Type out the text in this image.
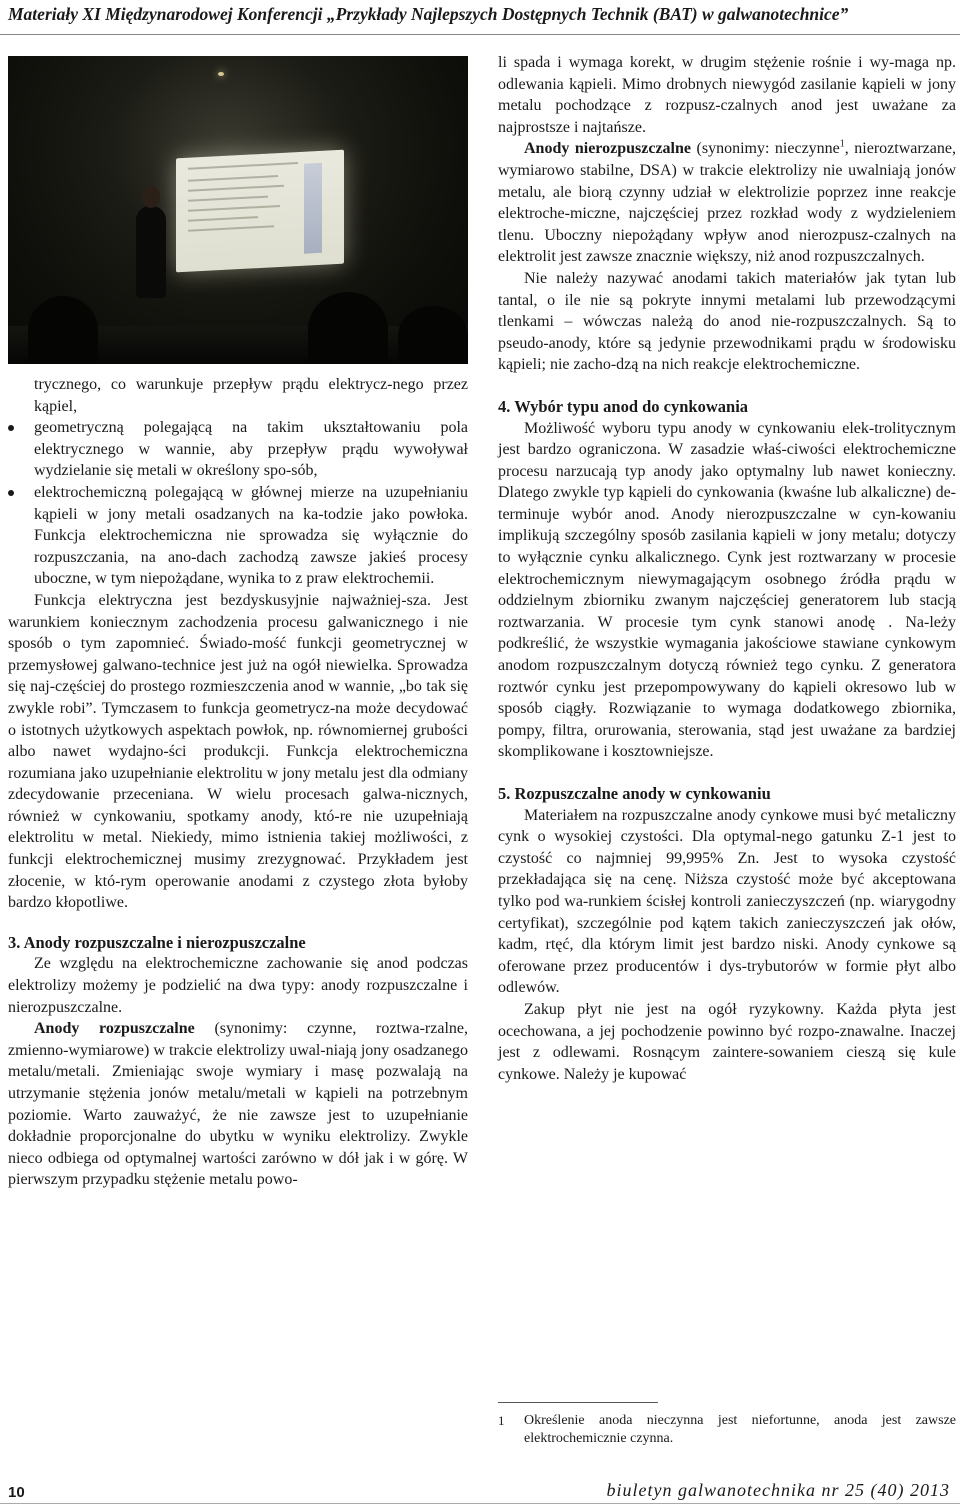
Materiały XI Międzynarodowej Konferencji „Przykłady Najlepszych Dostępnych Technik (BAT) w galwanotechnice”

trycznego, co warunkuje przepływ prądu elektrycz-nego przez kąpiel,

geometryczną polegającą na takim ukształtowaniu pola elektrycznego w wannie, aby przepływ prądu wywoływał wydzielanie się metali w określony spo-sób,
elektrochemiczną polegającą w głównej mierze na uzupełnianiu kąpieli w jony metali osadzanych na ka-todzie jako powłoka. Funkcja elektrochemiczna nie sprowadza się wyłącznie do rozpuszczania, na ano-dach zachodzą zawsze jakieś procesy uboczne, w tym niepożądane, wynika to z praw elektrochemii.

Funkcja elektryczna jest bezdyskusyjnie najważniej-sza. Jest warunkiem koniecznym zachodzenia procesu galwanicznego i nie sposób o tym zapomnieć. Świado-mość funkcji geometrycznej w przemysłowej galwano-technice jest już na ogół niewielka. Sprowadza się naj-częściej do prostego rozmieszczenia anod w wannie, „bo tak się zwykle robi”. Tymczasem to funkcja geometrycz-na może decydować o istotnych użytkowych aspektach powłok, np. równomiernej grubości albo nawet wydajno-ści produkcji. Funkcja elektrochemiczna rozumiana jako uzupełnianie elektrolitu w jony metalu jest dla odmiany zdecydowanie przeceniana. W wielu procesach galwa-nicznych, również w cynkowaniu, spotkamy anody, któ-re nie uzupełniają elektrolitu w metal. Niekiedy, mimo istnienia takiej możliwości, z funkcji elektrochemicznej musimy zrezygnować. Przykładem jest złocenie, w któ-rym operowanie anodami z czystego złota byłoby bardzo kłopotliwe.

3. Anody rozpuszczalne i nierozpuszczalne

Ze względu na elektrochemiczne zachowanie się anod podczas elektrolizy możemy je podzielić na dwa typy: anody rozpuszczalne i nierozpuszczalne.

Anody rozpuszczalne (synonimy: czynne, roztwa-rzalne, zmienno-wymiarowe) w trakcie elektrolizy uwal-niają jony osadzanego metalu/metali. Zmieniając swoje wymiary i masę pozwalają na utrzymanie stężenia jonów metalu/metali w kąpieli na potrzebnym poziomie. Warto zauważyć, że nie zawsze jest to uzupełnianie dokładnie proporcjonalne do ubytku w wyniku elektrolizy. Zwykle nieco odbiega od optymalnej wartości zarówno w dół jak i w górę. W pierwszym przypadku stężenie metalu powo-

li spada i wymaga korekt, w drugim stężenie rośnie i wy-maga np. odlewania kąpieli. Mimo drobnych niewygód zasilanie kąpieli w jony metalu pochodzące z rozpusz-czalnych anod jest uważane za najprostsze i najtańsze.

Anody nierozpuszczalne (synonimy: nieczynne$^1$, nieroztwarzane, wymiarowo stabilne, DSA) w trakcie elektrolizy nie uwalniają jonów metalu, ale biorą czynny udział w elektrolizie poprzez inne reakcje elektroche-miczne, najczęściej przez rozkład wody z wydzieleniem tlenu. Uboczny niepożądany wpływ anod nierozpusz-czalnych na elektrolit jest zawsze znacznie większy, niż anod rozpuszczalnych.

Nie należy nazywać anodami takich materiałów jak tytan lub tantal, o ile nie są pokryte innymi metalami lub przewodzącymi tlenkami – wówczas należą do anod nie-rozpuszczalnych. Są to pseudo-anody, które są jedynie przewodnikami prądu w środowisku kąpieli; nie zacho-dzą na nich reakcje elektrochemiczne.

4. Wybór typu anod do cynkowania

Możliwość wyboru typu anody w cynkowaniu elek-trolitycznym jest bardzo ograniczona. W zasadzie właś-ciwości elektrochemiczne procesu narzucają typ anody jako optymalny lub nawet konieczny. Dlatego zwykle typ kąpieli do cynkowania (kwaśne lub alkaliczne) de-terminuje wybór anod. Anody nierozpuszczalne w cyn-kowaniu implikują szczególny sposób zasilania kąpieli w jony metalu; dotyczy to wyłącznie cynku alkalicznego. Cynk jest roztwarzany w procesie elektrochemicznym niewymagającym osobnego źródła prądu w oddzielnym zbiorniku zwanym najczęściej generatorem lub stacją roztwarzania. W procesie tym cynk stanowi anodę . Na-leży podkreślić, że wszystkie wymagania jakościowe stawiane cynkowym anodom rozpuszczalnym dotyczą również tego cynku. Z generatora roztwór cynku jest przepompowywany do kąpieli okresowo lub w sposób ciągły. Rozwiązanie to wymaga dodatkowego zbiornika, pompy, filtra, orurowania, sterowania, stąd jest uważane za bardziej skomplikowane i kosztowniejsze.

5. Rozpuszczalne anody w cynkowaniu

Materiałem na rozpuszczalne anody cynkowe musi być metaliczny cynk o wysokiej czystości. Dla optymal-nego gatunku Z-1 jest to czystość co najmniej 99,995% Zn. Jest to wysoka czystość przekładająca się na cenę. Niższa czystość może być akceptowana tylko pod wa-runkiem ścisłej kontroli zanieczyszczeń (np. wiarygodny certyfikat), szczególnie pod kątem takich zanieczyszczeń jak ołów, kadm, rtęć, dla którym limit jest bardzo niski. Anody cynkowe są oferowane przez producentów i dys-trybutorów w formie płyt albo odlewów.

Zakup płyt nie jest na ogół ryzykowny. Każda płyta jest ocechowana, a jej pochodzenie powinno być rozpo-znawalne. Inaczej jest z odlewami. Rosnącym zaintere-sowaniem cieszą się kule cynkowe. Należy je kupować

1	Określenie anoda nieczynna jest niefortunne, anoda jest zawsze elektrochemicznie czynna.
10	biuletyn galwanotechnika nr 25 (40) 2013
